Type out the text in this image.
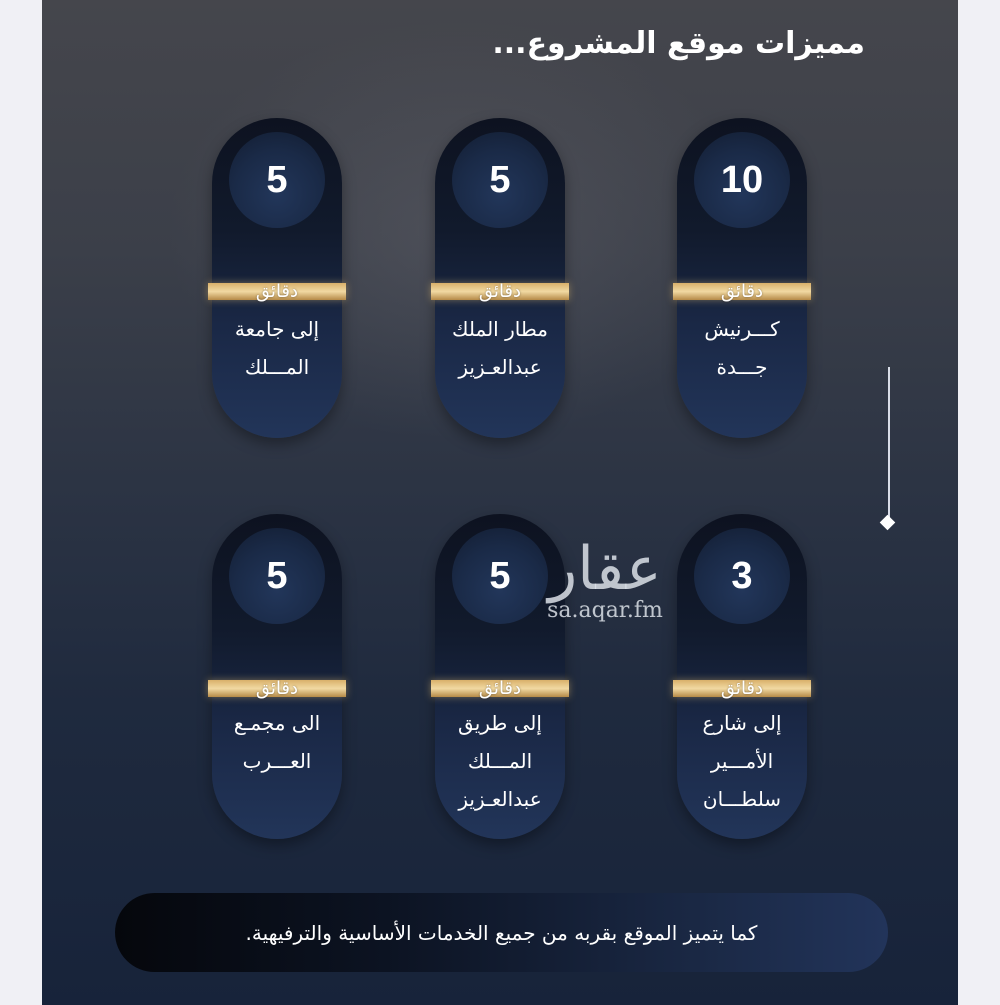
مميزات موقع المشروع...
10
دقائق
كـــرنيش
جـــدة
5
دقائق
مطار الملك
عبدالعـزيز
5
دقائق
إلى جامعة
المـــلك
3
دقائق
إلى شارع
الأمـــير
سلطـــان
5
دقائق
إلى طريق
المـــلك
عبدالعـزيز
5
دقائق
الى مجمـع
العـــرب
عقار
sa.aqar.fm
كما يتميز الموقع بقربه من جميع الخدمات الأساسية والترفيهية.
